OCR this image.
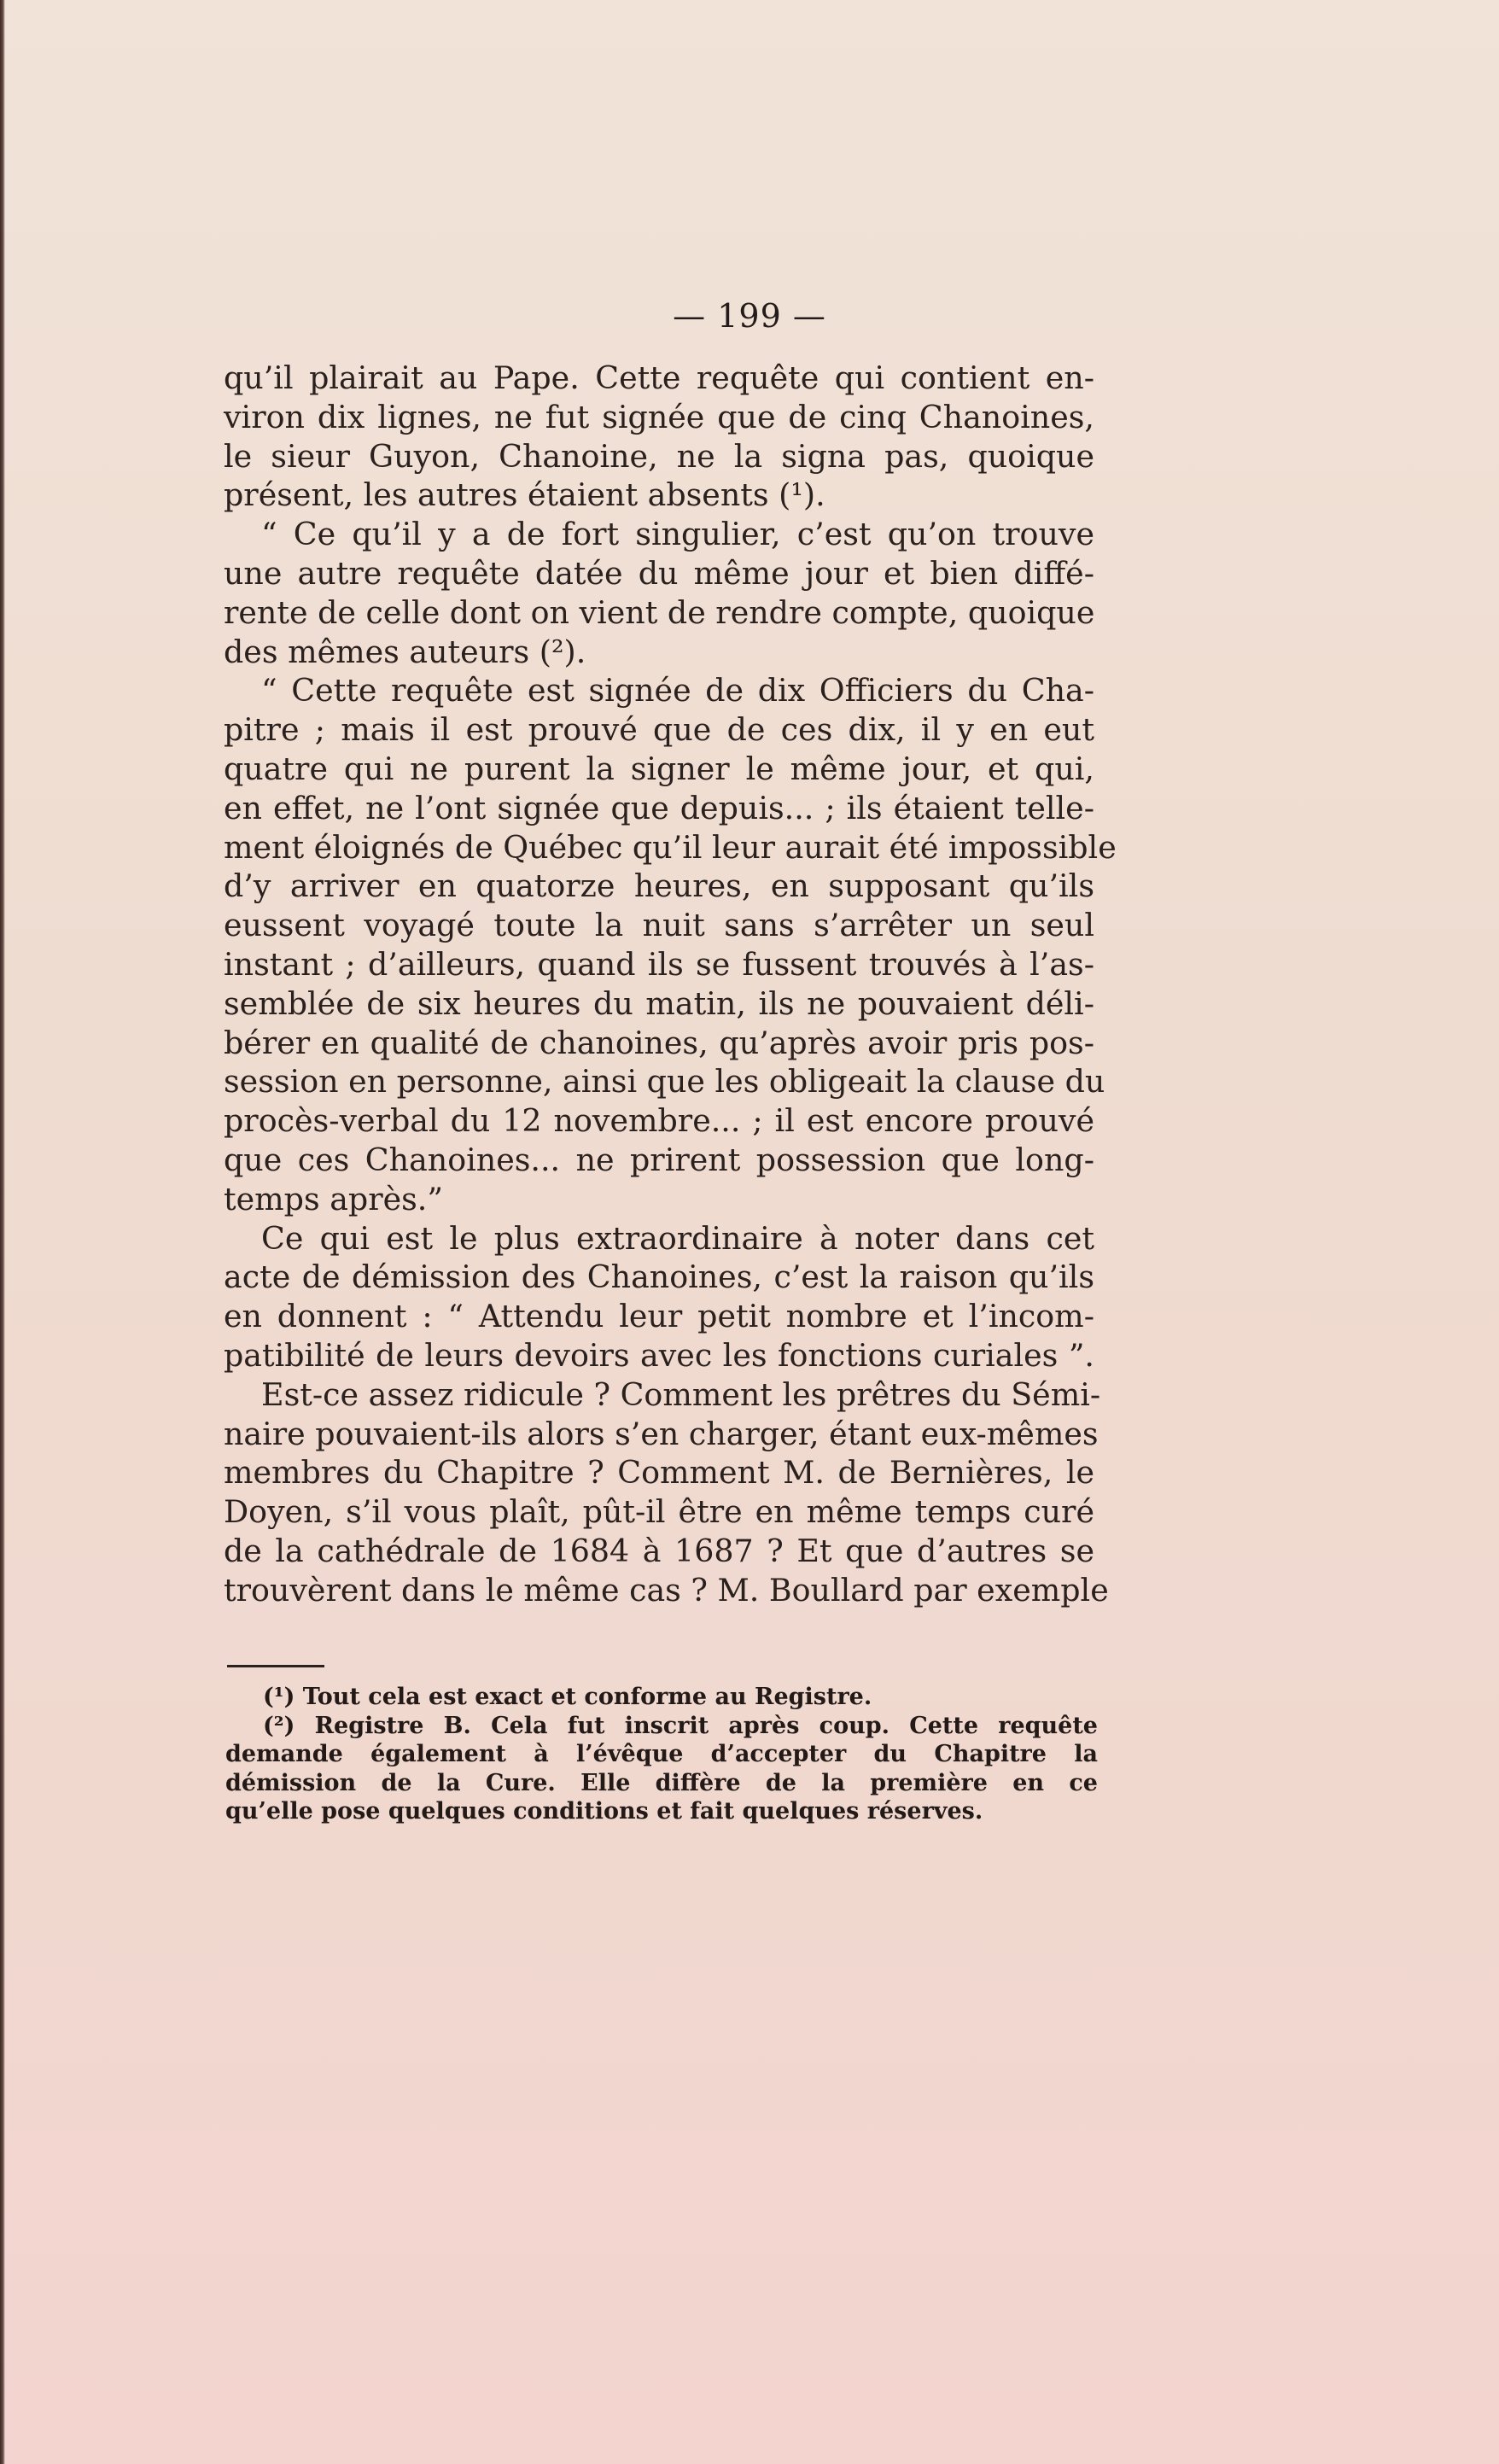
— 199 —
qu’il plairait au Pape. Cette requête qui contient en-
viron dix lignes, ne fut signée que de cinq Chanoines,
le sieur Guyon, Chanoine, ne la signa pas, quoique
présent, les autres étaient absents (¹).
“ Ce qu’il y a de fort singulier, c’est qu’on trouve
une autre requête datée du même jour et bien diffé-
rente de celle dont on vient de rendre compte, quoique
des mêmes auteurs (²).
“ Cette requête est signée de dix Officiers du Cha-
pitre ; mais il est prouvé que de ces dix, il y en eut
quatre qui ne purent la signer le même jour, et qui,
en effet, ne l’ont signée que depuis... ; ils étaient telle-
ment éloignés de Québec qu’il leur aurait été impossible
d’y arriver en quatorze heures, en supposant qu’ils
eussent voyagé toute la nuit sans s’arrêter un seul
instant ; d’ailleurs, quand ils se fussent trouvés à l’as-
semblée de six heures du matin, ils ne pouvaient déli-
bérer en qualité de chanoines, qu’après avoir pris pos-
session en personne, ainsi que les obligeait la clause du
procès-verbal du 12 novembre... ; il est encore prouvé
que ces Chanoines... ne prirent possession que long-
temps après.”
Ce qui est le plus extraordinaire à noter dans cet
acte de démission des Chanoines, c’est la raison qu’ils
en donnent : “ Attendu leur petit nombre et l’incom-
patibilité de leurs devoirs avec les fonctions curiales ”.
Est-ce assez ridicule ? Comment les prêtres du Sémi-
naire pouvaient-ils alors s’en charger, étant eux-mêmes
membres du Chapitre ? Comment M. de Bernières, le
Doyen, s’il vous plaît, pût-il être en même temps curé
de la cathédrale de 1684 à 1687 ? Et que d’autres se
trouvèrent dans le même cas ? M. Boullard par exemple
(¹) Tout cela est exact et conforme au Registre.
(²) Registre B. Cela fut inscrit après coup. Cette requête
demande également à l’évêque d’accepter du Chapitre la
démission de la Cure. Elle diffère de la première en ce
qu’elle pose quelques conditions et fait quelques réserves.
